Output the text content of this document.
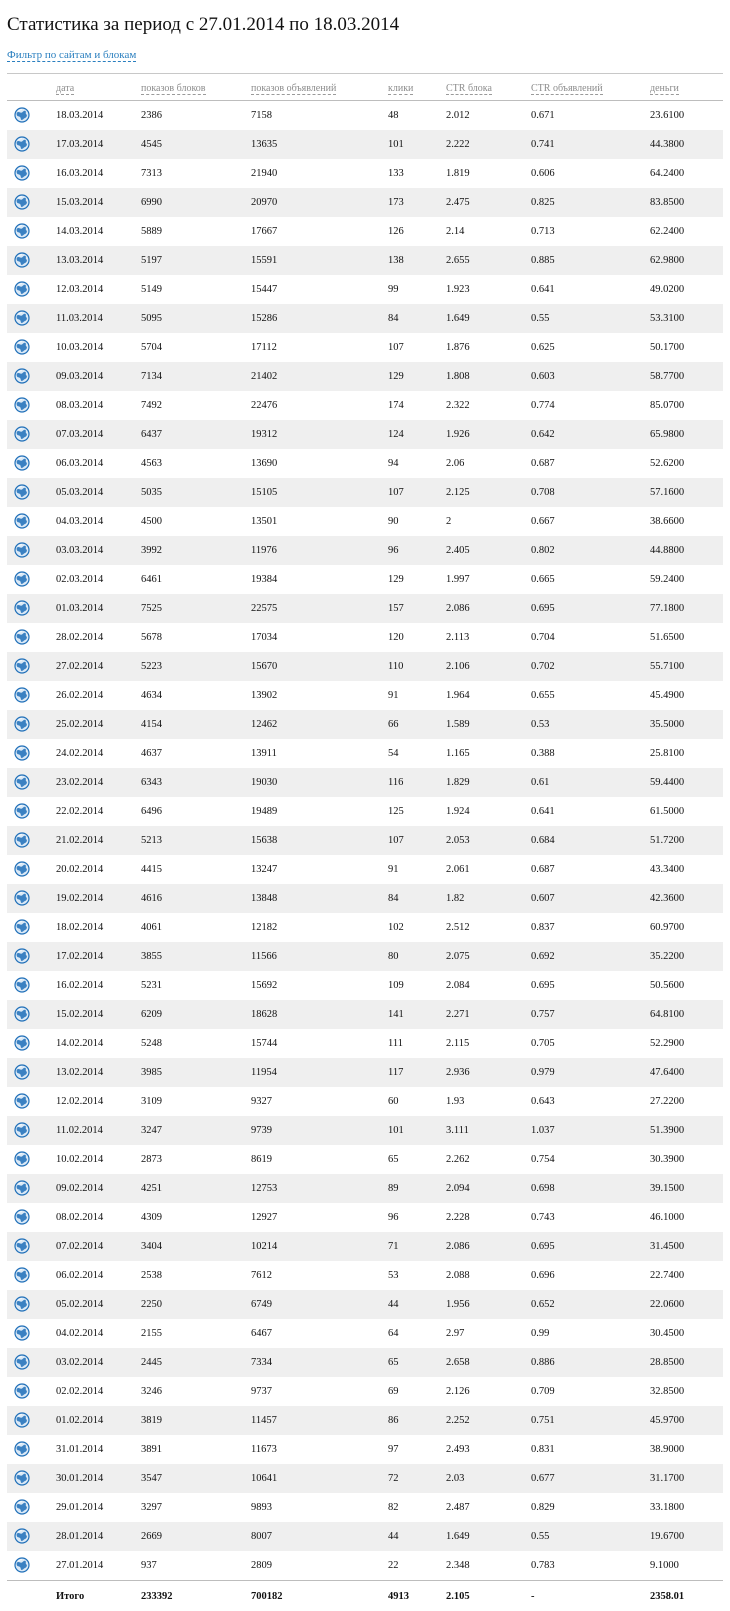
Статистика за период с 27.01.2014 по 18.03.2014
Фильтр по сайтам и блокам
дата	показов блоков	показов объявлений	клики	CTR блока	CTR объявлений	деньги
18.03.2014	2386	7158	48	2.012	0.671	23.6100
17.03.2014	4545	13635	101	2.222	0.741	44.3800
16.03.2014	7313	21940	133	1.819	0.606	64.2400
15.03.2014	6990	20970	173	2.475	0.825	83.8500
14.03.2014	5889	17667	126	2.14	0.713	62.2400
13.03.2014	5197	15591	138	2.655	0.885	62.9800
12.03.2014	5149	15447	99	1.923	0.641	49.0200
11.03.2014	5095	15286	84	1.649	0.55	53.3100
10.03.2014	5704	17112	107	1.876	0.625	50.1700
09.03.2014	7134	21402	129	1.808	0.603	58.7700
08.03.2014	7492	22476	174	2.322	0.774	85.0700
07.03.2014	6437	19312	124	1.926	0.642	65.9800
06.03.2014	4563	13690	94	2.06	0.687	52.6200
05.03.2014	5035	15105	107	2.125	0.708	57.1600
04.03.2014	4500	13501	90	2	0.667	38.6600
03.03.2014	3992	11976	96	2.405	0.802	44.8800
02.03.2014	6461	19384	129	1.997	0.665	59.2400
01.03.2014	7525	22575	157	2.086	0.695	77.1800
28.02.2014	5678	17034	120	2.113	0.704	51.6500
27.02.2014	5223	15670	110	2.106	0.702	55.7100
26.02.2014	4634	13902	91	1.964	0.655	45.4900
25.02.2014	4154	12462	66	1.589	0.53	35.5000
24.02.2014	4637	13911	54	1.165	0.388	25.8100
23.02.2014	6343	19030	116	1.829	0.61	59.4400
22.02.2014	6496	19489	125	1.924	0.641	61.5000
21.02.2014	5213	15638	107	2.053	0.684	51.7200
20.02.2014	4415	13247	91	2.061	0.687	43.3400
19.02.2014	4616	13848	84	1.82	0.607	42.3600
18.02.2014	4061	12182	102	2.512	0.837	60.9700
17.02.2014	3855	11566	80	2.075	0.692	35.2200
16.02.2014	5231	15692	109	2.084	0.695	50.5600
15.02.2014	6209	18628	141	2.271	0.757	64.8100
14.02.2014	5248	15744	111	2.115	0.705	52.2900
13.02.2014	3985	11954	117	2.936	0.979	47.6400
12.02.2014	3109	9327	60	1.93	0.643	27.2200
11.02.2014	3247	9739	101	3.111	1.037	51.3900
10.02.2014	2873	8619	65	2.262	0.754	30.3900
09.02.2014	4251	12753	89	2.094	0.698	39.1500
08.02.2014	4309	12927	96	2.228	0.743	46.1000
07.02.2014	3404	10214	71	2.086	0.695	31.4500
06.02.2014	2538	7612	53	2.088	0.696	22.7400
05.02.2014	2250	6749	44	1.956	0.652	22.0600
04.02.2014	2155	6467	64	2.97	0.99	30.4500
03.02.2014	2445	7334	65	2.658	0.886	28.8500
02.02.2014	3246	9737	69	2.126	0.709	32.8500
01.02.2014	3819	11457	86	2.252	0.751	45.9700
31.01.2014	3891	11673	97	2.493	0.831	38.9000
30.01.2014	3547	10641	72	2.03	0.677	31.1700
29.01.2014	3297	9893	82	2.487	0.829	33.1800
28.01.2014	2669	8007	44	1.649	0.55	19.6700
27.01.2014	937	2809	22	2.348	0.783	9.1000
Итого	233392	700182	4913	2.105	-	2358.01
